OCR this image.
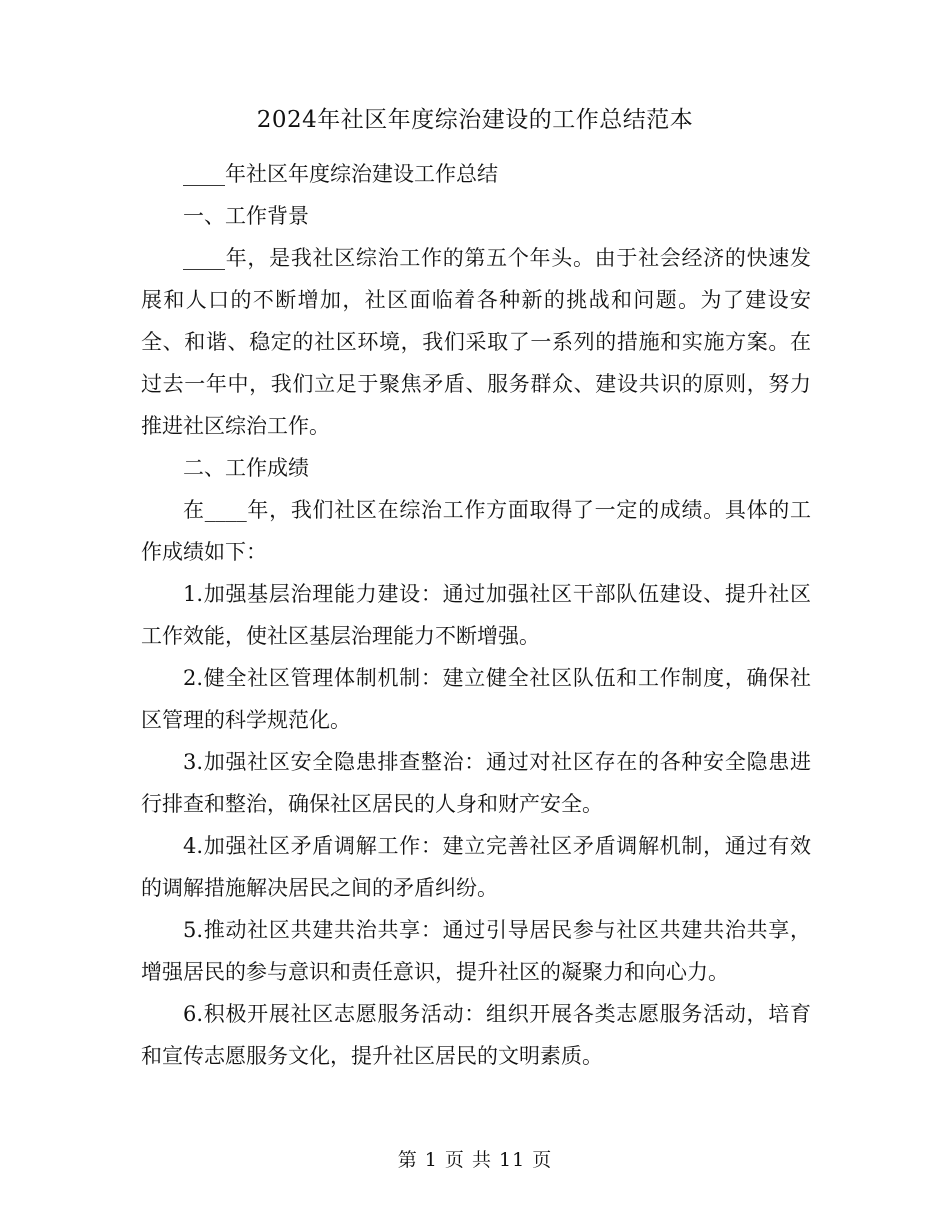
2024年社区年度综治建设的工作总结范本

____年社区年度综治建设工作总结

一、工作背景

____年，是我社区综治工作的第五个年头。由于社会经济的快速发展和人口的不断增加，社区面临着各种新的挑战和问题。为了建设安全、和谐、稳定的社区环境，我们采取了一系列的措施和实施方案。在过去一年中，我们立足于聚焦矛盾、服务群众、建设共识的原则，努力推进社区综治工作。

二、工作成绩

在____年，我们社区在综治工作方面取得了一定的成绩。具体的工作成绩如下：

1.加强基层治理能力建设：通过加强社区干部队伍建设、提升社区工作效能，使社区基层治理能力不断增强。

2.健全社区管理体制机制：建立健全社区队伍和工作制度，确保社区管理的科学规范化。

3.加强社区安全隐患排查整治：通过对社区存在的各种安全隐患进行排查和整治，确保社区居民的人身和财产安全。

4.加强社区矛盾调解工作：建立完善社区矛盾调解机制，通过有效的调解措施解决居民之间的矛盾纠纷。

5.推动社区共建共治共享：通过引导居民参与社区共建共治共享，增强居民的参与意识和责任意识，提升社区的凝聚力和向心力。

6.积极开展社区志愿服务活动：组织开展各类志愿服务活动，培育和宣传志愿服务文化，提升社区居民的文明素质。

第 1 页 共 11 页
